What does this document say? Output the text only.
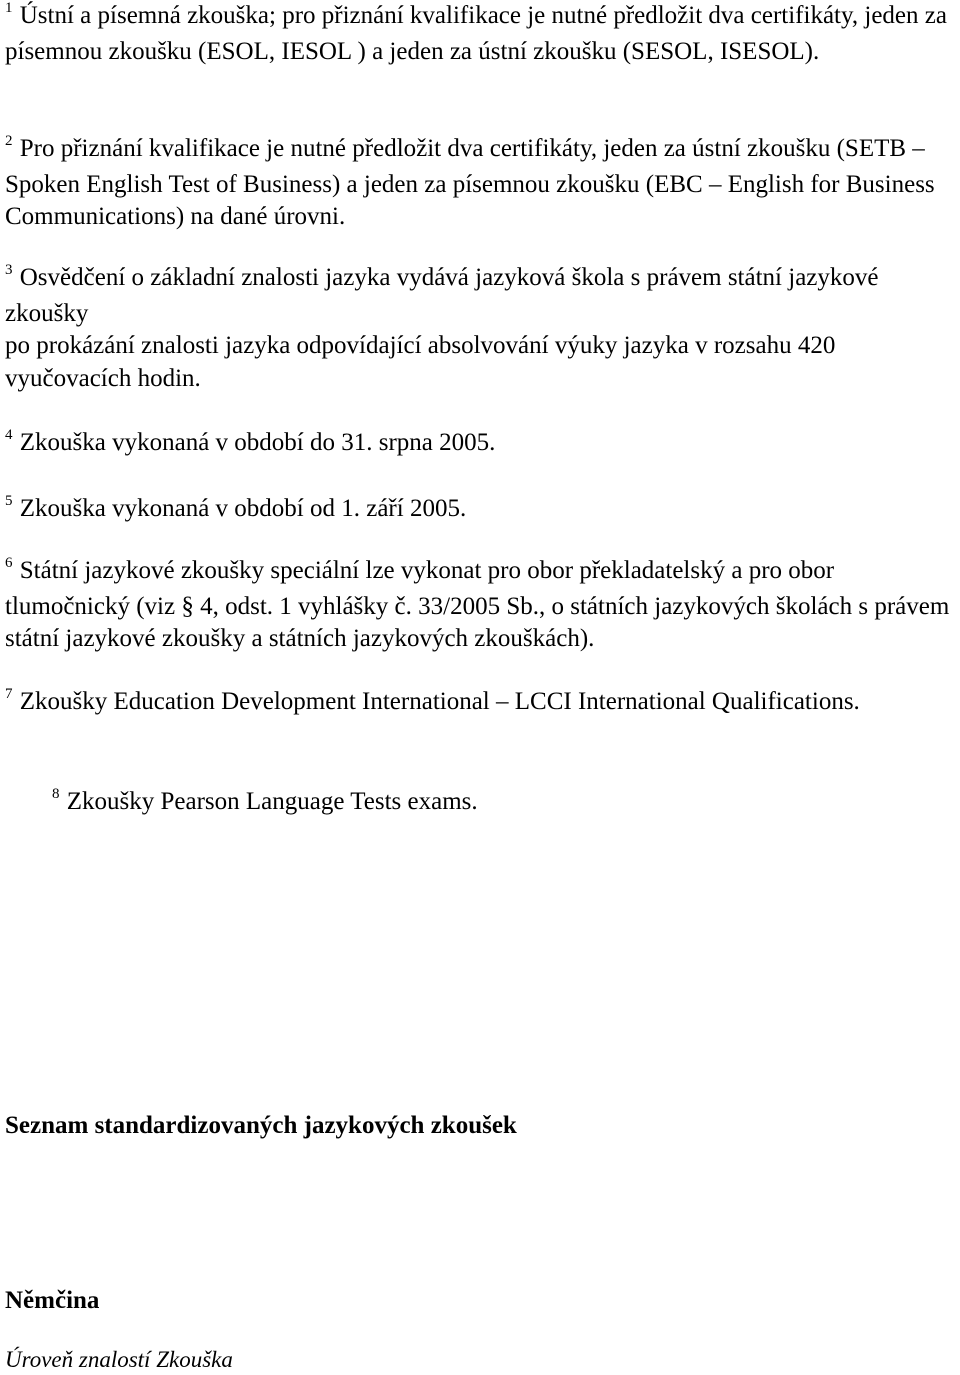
$^1$ Ústní a písemná zkouška; pro přiznání kvalifikace je nutné předložit dva certifikáty, jeden za písemnou zkoušku (ESOL, IESOL ) a jeden za ústní zkoušku (SESOL, ISESOL).

$^2$ Pro přiznání kvalifikace je nutné předložit dva certifikáty, jeden za ústní zkoušku (SETB – Spoken English Test of Business) a jeden za písemnou zkoušku (EBC – English for Business Communications) na dané úrovni.

$^3$ Osvědčení o základní znalosti jazyka vydává jazyková škola s právem státní jazykové zkoušky
po prokázání znalosti jazyka odpovídající absolvování výuky jazyka v rozsahu 420 vyučovacích hodin.

$^4$ Zkouška vykonaná v období do 31. srpna 2005.

$^5$ Zkouška vykonaná v období od 1. září 2005.

$^6$ Státní jazykové zkoušky speciální lze vykonat pro obor překladatelský a pro obor tlumočnický (viz § 4, odst. 1 vyhlášky č. 33/2005 Sb., o státních jazykových školách s právem státní jazykové zkoušky a státních jazykových zkouškách).

$^7$ Zkoušky Education Development International – LCCI International Qualifications.

$^8$ Zkoušky Pearson Language Tests exams.

Seznam standardizovaných jazykových zkoušek
Němčina

Úroveň znalostí Zkouška
